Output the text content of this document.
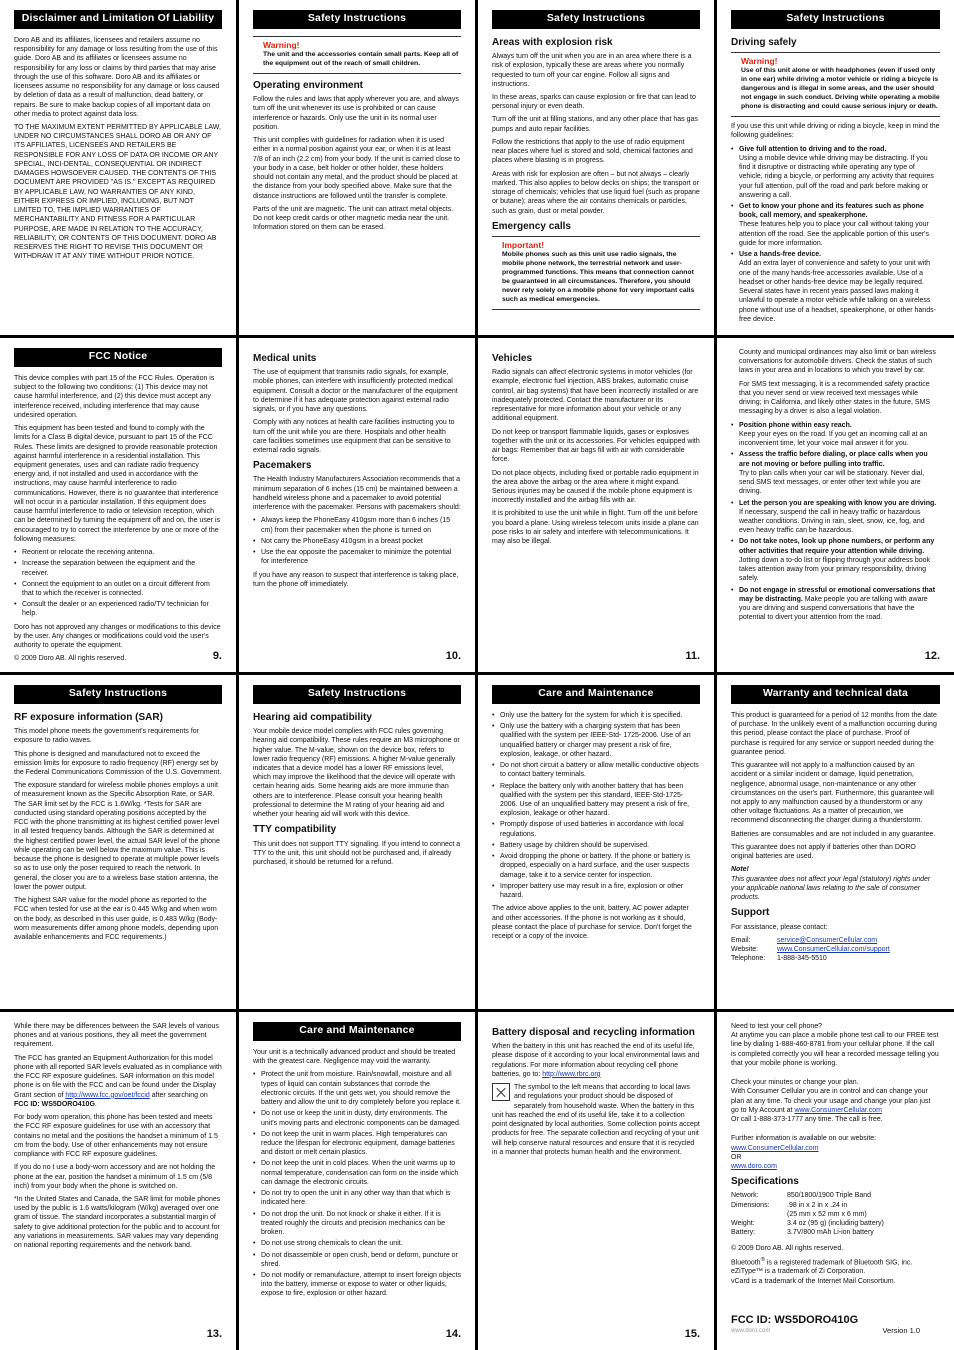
Disclaimer and Limitation Of Liability

Doro AB and its affiliates, licensees and retailers assume no responsibility for any damage or loss resulting from the use of this guide. Doro AB and its affiliates or licensees assume no responsibility for any loss or claims by third parties that may arise through the use of this software. Doro AB and its affiliates or licensees assume no responsibility for any damage or loss caused by deletion of data as a result of malfunction, dead battery, or repairs. Be sure to make backup copies of all important data on other media to protect against data loss.

TO THE MAXIMUM EXTENT PERMITTED BY APPLICABLE LAW, UNDER NO CIRCUMSTANCES SHALL DORO AB OR ANY OF ITS AFFILIATES, LICENSEES AND RETAILERS BE RESPONSIBLE FOR ANY LOSS OF DATA OR INCOME OR ANY SPECIAL, INCI-DENTAL, CONSEQUENTIAL OR INDIRECT DAMAGES HOWSOEVER CAUSED. THE CONTENTS OF THIS DOCUMENT ARE PROVIDED "AS IS." EXCEPT AS REQUIRED BY APPLICABLE LAW, NO WARRANTIES OF ANY KIND, EITHER EXPRESS OR IMPLIED, INCLUDING, BUT NOT LIMITED TO, THE IMPLIED WARRANTIES OF MERCHANTABILITY AND FITNESS FOR A PARTICULAR PURPOSE, ARE MADE IN RELATION TO THE ACCURACY, RELIABILITY, OR CONTENTS OF THIS DOCUMENT. DORO AB RESERVES THE RIGHT TO REVISE THIS DOCUMENT OR WITHDRAW IT AT ANY TIME WITHOUT PRIOR NOTICE.

Safety Instructions
Warning!
The unit and the accessories contain small parts. Keep all of the equipment out of the reach of small children.
Operating environment

Follow the rules and laws that apply wherever you are, and always turn off the unit whenever its use is prohibited or can cause interference or hazards. Only use the unit in its normal user position.

This unit complies with guidelines for radiation when it is used either in a normal position against your ear, or when it is at least 7/8 of an inch (2.2 cm) from your body. If the unit is carried close to your body in a case, belt holder or other holder, these holders should not contain any metal, and the product should be placed at the distance from your body specified above. Make sure that the distance instructions are followed until the transfer is complete.

Parts of the unit are magnetic. The unit can attract metal objects. Do not keep credit cards or other magnetic media near the unit. Information stored on them can be erased.

Safety Instructions
Areas with explosion risk

Always turn off the unit when you are in an area where there is a risk of explosion, typically these are areas where you normally requested to turn off your car engine. Follow all signs and instructions.

In these areas, sparks can cause explosion or fire that can lead to personal injury or even death.

Turn off the unit at filling stations, and any other place that has gas pumps and auto repair facilities.

Follow the restrictions that apply to the use of radio equipment near places where fuel is stored and sold, chemical factories and places where blasting is in progress.

Areas with risk for explosion are often – but not always – clearly marked. This also applies to below decks on ships; the transport or storage of chemicals; vehicles that use liquid fuel (such as propane or butane); areas where the air contains chemicals or particles, such as grain, dust or metal powder.

Emergency calls
Important!
Mobile phones such as this unit use radio signals, the mobile phone network, the terrestrial network and user-programmed functions. This means that connection cannot be guaranteed in all circumstances. Therefore, you should never rely solely on a mobile phone for very important calls such as medical emergencies.
Safety Instructions
Driving safely
Warning!
Use of this unit alone or with headphones (even if used only in one ear) while driving a motor vehicle or riding a bicycle is dangerous and is illegal in some areas, and the user should not engage in such conduct. Driving while operating a mobile phone is distracting and could cause serious injury or death.

If you use this unit while driving or riding a bicycle, keep in mind the following guidelines:

• Give full attention to driving and to the road.
Using a mobile device while driving may be distracting. If you find it disruptive or distracting while operating any type of vehicle, riding a bicycle, or performing any activity that requires your full attention, pull off the road and park before making or answering a call.
• Get to know your phone and its features such as phone book, call memory, and speakerphone.
These features help you to place your call without taking your attention off the road. See the applicable portion of this user's guide for more information.
• Use a hands-free device.
Add an extra layer of convenience and safety to your unit with one of the many hands-free accessories available. Use of a headset or other hands-free device may be legally required. Several states have in recent years passed laws making it unlawful to operate a motor vehicle while talking on a wireless phone without use of a headset, speakerphone, or other hands-free device.
FCC Notice

This device complies with part 15 of the FCC Rules. Operation is subject to the following two conditions: (1) This device may not cause harmful interference, and (2) this device must accept any interference received, including interference that may cause undesired operation.

This equipment has been tested and found to comply with the limits for a Class B digital device, pursuant to part 15 of the FCC Rules. These limits are designed to provide reasonable protection against harmful interference in a residential installation. This equipment generates, uses and can radiate radio frequency energy and, if not installed and used in accordance with the instructions, may cause harmful interference to radio communications. However, there is no guarantee that interference will not occur in a particular installation. If this equipment does cause harmful interference to radio or television reception, which can be determined by turning the equipment off and on, the user is encouraged to try to correct the interference by one or more of the following measures:

• Reorient or relocate the receiving antenna.
• Increase the separation between the equipment and the receiver.
• Connect the equipment to an outlet on a circuit different from that to which the receiver is connected.
• Consult the dealer or an experienced radio/TV technician for help.

Doro has not approved any changes or modifications to this device by the user. Any changes or modifications could void the user's authority to operate the equipment.

© 2009 Doro AB. All rights reserved.	9.
Medical units

The use of equipment that transmits radio signals, for example, mobile phones, can interfere with insufficiently protected medical equipment. Consult a doctor or the manufacturer of the equipment to determine if it has adequate protection against external radio signals, or if you have any questions.

Comply with any notices at health care facilities instructing you to turn off the unit while you are there. Hospitals and other health care facilities sometimes use equipment that can be sensitive to external radio signals.

Pacemakers

The Health Industry Manufacturers Association recommends that a minimum separation of 6 inches (15 cm) be maintained between a handheld wireless phone and a pacemaker to avoid potential interference with the pacemaker. Persons with pacemakers should:

• Always keep the PhoneEasy 410gsm more than 6 inches (15 cm) from their pacemaker when the phone is turned on
• Not carry the PhoneEasy 410gsm in a breast pocket
• Use the ear opposite the pacemaker to minimize the potential for interference

If you have any reason to suspect that interference is taking place, turn the phone off immediately.

10.
Vehicles

Radio signals can affect electronic systems in motor vehicles (for example, electronic fuel injection, ABS brakes, automatic cruise control, air bag systems) that have been incorrectly installed or are inadequately protected. Contact the manufacturer or its representative for more information about your vehicle or any additional equipment.

Do not keep or transport flammable liquids, gases or explosives together with the unit or its accessories. For vehicles equipped with air bags: Remember that air bags fill with air with considerable force.

Do not place objects, including fixed or portable radio equipment in the area above the airbag or the area where it might expand. Serious injuries may be caused if the mobile phone equipment is incorrectly installed and the airbag fills with air.

It is prohibited to use the unit while in flight. Turn off the unit before you board a plane. Using wireless telecom units inside a plane can pose risks to air safety and interfere with telecommunications. It may also be illegal.

11.

County and municipal ordinances may also limit or ban wireless conversations for automobile drivers. Check the status of such laws in your area and in locations to which you travel by car.

For SMS text messaging, it is a recommended safety practice that you never send or view received text messages while driving; in California, and likely other states in the future, SMS messaging by a driver is also a legal violation.

• Position phone within easy reach.
Keep your eyes on the road. If you get an incoming call at an inconvenient time, let your voice mail answer it for you.
• Assess the traffic before dialing, or place calls when you are not moving or before pulling into traffic.
Try to plan calls when your car will be stationary. Never dial, send SMS text messages, or enter other text while you are driving.
• Let the person you are speaking with know you are driving.
If necessary, suspend the call in heavy traffic or hazardous weather conditions. Driving in rain, sleet, snow, ice, fog, and even heavy traffic can be hazardous.
• Do not take notes, look up phone numbers, or perform any other activities that require your attention while driving.
Jotting down a to-do list or flipping through your address book takes attention away from your primary responsibility, driving safely.
• Do not engage in stressful or emotional conversations that may be distracting. Make people you are talking with aware you are driving and suspend conversations that have the potential to divert your attention from the road.
12.
Safety Instructions
RF exposure information (SAR)

This model phone meets the government's requirements for exposure to radio waves.

This phone is designed and manufactured not to exceed the emission limits for exposure to radio frequency (RF) energy set by the Federal Communications Commission of the U.S. Government.

The exposure standard for wireless mobile phones employs a unit of measurement known as the Specific Absorption Rate, or SAR. The SAR limit set by the FCC is 1.6W/kg. *Tests for SAR are conducted using standard operating positions accepted by the FCC with the phone transmitting at its highest certified power level in all tested frequency bands. Although the SAR is determined at the highest certified power level, the actual SAR level of the phone while operating can be well below the maximum value. This is because the phone is designed to operate at multiple power levels so as to use only the poser required to reach the network. In general, the closer you are to a wireless base station antenna, the lower the power output.

The highest SAR value for the model phone as reported to the FCC when tested for use at the ear is 0.445 W/kg and when worn on the body, as described in this user guide, is 0.483 W/kg (Body-worn measurements differ among phone models, depending upon available enhancements and FCC requirements.)

Safety Instructions
Hearing aid compatibility

Your mobile device model complies with FCC rules governing hearing aid compatibility. These rules require an M3 microphone or higher value. The M-value, shown on the device box, refers to lower radio frequency (RF) emissions. A higher M-value generally indicates that a device model has a lower RF emissions level, which may improve the likelihood that the device will operate with certain hearing aids. Some hearing aids are more immune than others are to interference. Please consult your hearing health professional to determine the M rating of your hearing aid and whether your hearing aid will work with this device.

TTY compatibility

This unit does not support TTY signaling. If you intend to connect a TTY to the unit, this unit should not be purchased and, if already purchased, it should be returned for a refund.

Care and Maintenance
• Only use the battery for the system for which it is specified.
• Only use the battery with a charging system that has been qualified with the system per IEEE-Std- 1725-2006. Use of an unqualified battery or charger may present a risk of fire, explosion, leakage, or other hazard.
• Do not short circuit a battery or allow metallic conductive objects to contact battery terminals.
• Replace the battery only with another battery that has been qualified with the system per this standard, IEEE-Std-1725-2006. Use of an unqualified battery may present a risk of fire, explosion, leakage or other hazard.
• Promptly dispose of used batteries in accordance with local regulations.
• Battery usage by children should be supervised.
• Avoid dropping the phone or battery. If the phone or battery is dropped, especially on a hard surface, and the user suspects damage, take it to a service center for inspection.
• Improper battery use may result in a fire, explosion or other hazard.

The advice above applies to the unit, battery, AC power adapter and other accessories. If the phone is not working as it should, please contact the place of purchase for service. Don't forget the receipt or a copy of the invoice.

Warranty and technical data

This product is guaranteed for a period of 12 months from the date of purchase. In the unlikely event of a malfunction occurring during this period, please contact the place of purchase. Proof of purchase is required for any service or support needed during the guarantee period.

This guarantee will not apply to a malfunction caused by an accident or a similar incident or damage, liquid penetration, negligence, abnormal usage, non-maintenance or any other circumstances on the user's part. Furthermore, this guarantee will not apply to any malfunction caused by a thunderstorm or any other voltage fluctuations. As a matter of precaution, we recommend disconnecting the charger during a thunderstorm.

Batteries are consumables and are not included in any guarantee.

This guarantee does not apply if batteries other than DORO original batteries are used.

Note!

This guarantee does not affect your legal (statutory) rights under your applicable national laws relating to the sale of consumer products.

Support

For assistance, please contact:

Email:	service@ConsumerCellular.com
Website:	www.ConsumerCellular.com/support
Telephone:	1-888-345-5510

While there may be differences between the SAR levels of various phones and at various positions, they all meet the government requirement.

The FCC has granted an Equipment Authorization for this model phone with all reported SAR levels evaluated as in compliance with the FCC RF exposure guidelines. SAR information on this model phone is on file with the FCC and can be found under the Display Grant section of http://www.fcc.gov/oet/fccid after searching on FCC ID: WS5DORO410G.

For body worn operation, this phone has been tested and meets the FCC RF exposure guidelines for use with an accessory that contains no metal and the positions the handset a minimum of 1.5 cm from the body. Use of other enhancements may not ensure compliance with FCC RF exposure guidelines.

If you do no t use a body-worn accessory and are not holding the phone at the ear, position the handset a minimum of 1.5 cm (5/8 inch) from your body when the phone is switched on.

*In the United States and Canada, the SAR limit for mobile phones used by the public is 1.6 watts/kilogram (W/kg) averaged over one gram of tissue. The standard incorporates a substantial margin of safety to give additional protection for the public and to account for any variations in measurements. SAR values may vary depending on national reporting requirements and the network band.

13.
Care and Maintenance

Your unit is a technically advanced product and should be treated with the greatest care. Negligence may void the warranty.

• Protect the unit from moisture. Rain/snowfall, moisture and all types of liquid can contain substances that corrode the electronic circuits. If the unit gets wet, you should remove the battery and allow the unit to dry completely before you replace it.
• Do not use or keep the unit in dusty, dirty environments. The unit's moving parts and electronic components can be damaged.
• Do not keep the unit in warm places. High temperatures can reduce the lifespan for electronic equipment, damage batteries and distort or melt certain plastics.
• Do not keep the unit in cold places. When the unit warms up to normal temperature, condensation can form on the inside which can damage the electronic circuits.
• Do not try to open the unit in any other way than that which is indicated here.
• Do not drop the unit. Do not knock or shake it either. If it is treated roughly the circuits and precision mechanics can be broken.
• Do not use strong chemicals to clean the unit.
• Do not disassemble or open crush, bend or deform, puncture or shred.
• Do not modify or remanufacture, attempt to insert foreign objects into the battery, immerse or expose to water or other liquids, expose to fire, explosion or other hazard.
14.
Battery disposal and recycling information

When the battery in this unit has reached the end of its useful life, please dispose of it according to your local environmental laws and regulations. For more information about recycling cell phone batteries, go to: http://www.rbrc.org

The symbol to the left means that according to local laws and regulations your product should be disposed of separately from household waste. When the battery in this unit has reached the end of its useful life, take it to a collection point designated by local authorities. Some collection points accept products for free. The separate collection and recycling of your unit will help conserve natural resources and ensure that it is recycled in a manner that protects human health and the environment.

15.

Need to test your cell phone?

At anytime you can place a mobile phone test call to our FREE test line by dialing 1-888-460-8781 from your cellular phone. If the call is completed correctly you will hear a recorded message telling you that your mobile phone is working.

Check your minutes or change your plan.

With Consumer Cellular you are in control and can change your plan at any time. To check your usage and change your plan just go to My Account at www.ConsumerCellular.com

Or call 1-888-373-1777 any time. The call is free.

Further information is available on our website:

www.ConsumerCellular.com

OR

www.doro.com

Specifications
Network:	850/1800/1900 Triple Band
Dimensions:	.98 in x 2 in x .24 in
(25 mm x 52 mm x 6 mm)
Weight:	3.4 oz (95 g) (including battery)
Battery:	3.7V/800 mAh Li-ion battery

© 2009 Doro AB. All rights reserved.

Bluetooth® is a registered trademark of Bluetooth SIG, inc.

eZiType™ is a trademark of Zi Corporation.

vCard is a trademark of the Internet Mail Consortium.

FCC ID: WS5DORO410G
www.doro.com	Version 1.0
